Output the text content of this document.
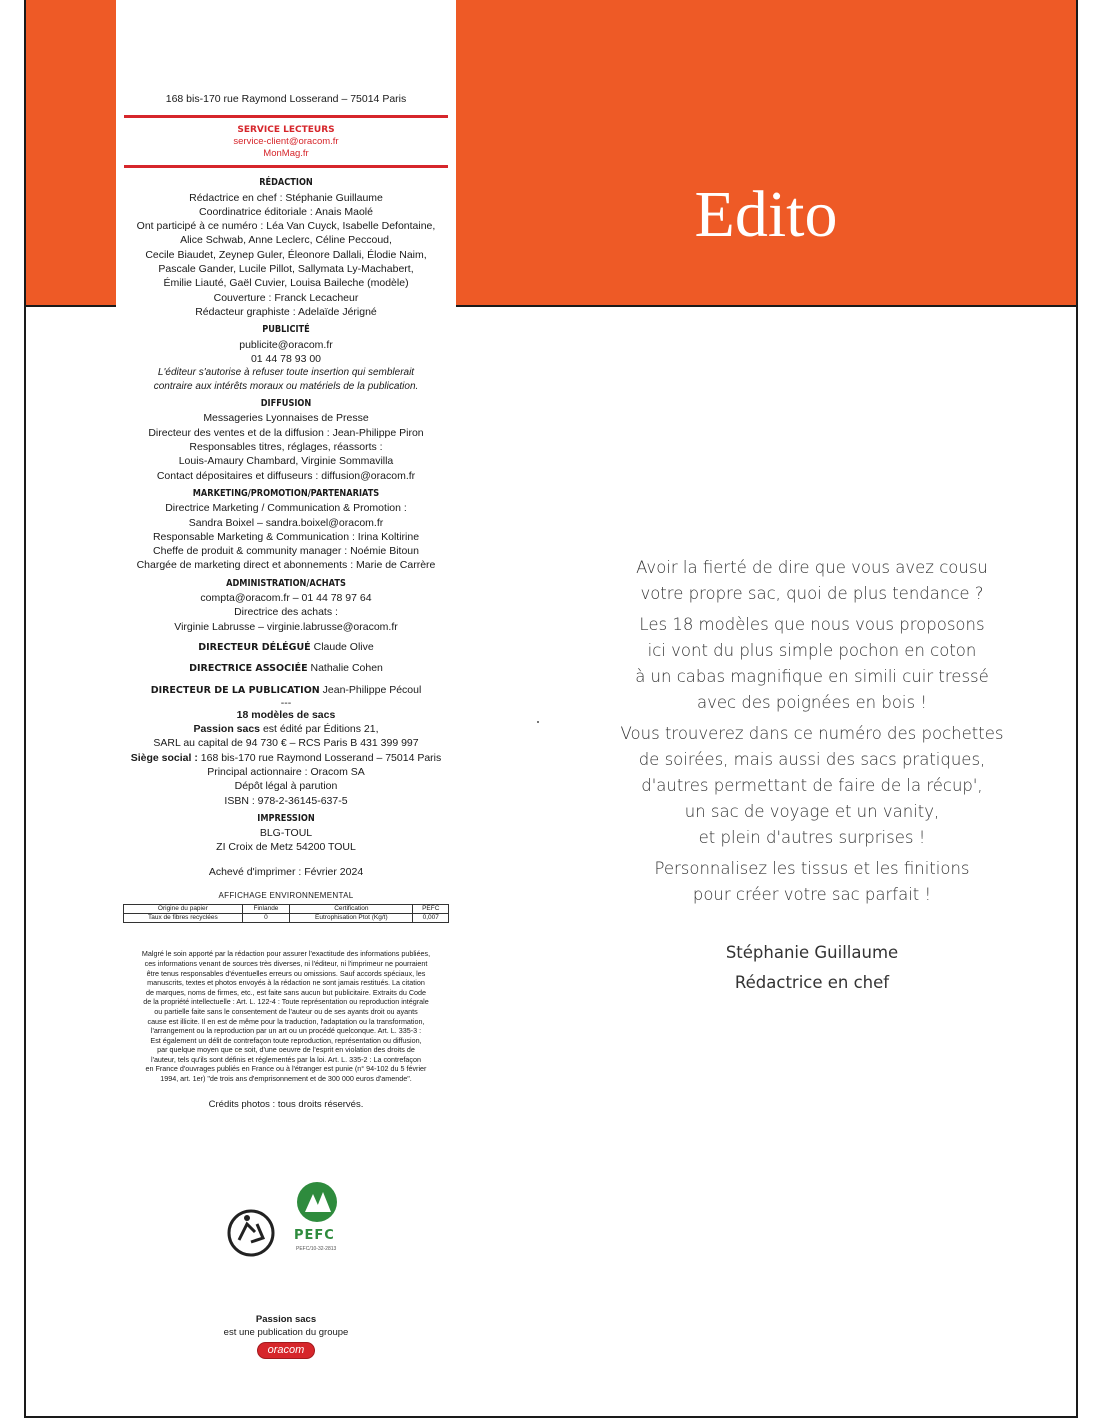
Edito
168 bis-170 rue Raymond Losserand – 75014 Paris
SERVICE LECTEURS
service-client@oracom.fr
MonMag.fr
RÉDACTION
Rédactrice en chef : Stéphanie Guillaume
Coordinatrice éditoriale : Anais Maolé
Ont participé à ce numéro : Léa Van Cuyck, Isabelle Defontaine,
Alice Schwab, Anne Leclerc, Céline Peccoud,
Cecile Biaudet, Zeynep Guler, Éleonore Dallali, Élodie Naim,
Pascale Gander, Lucile Pillot, Sallymata Ly-Machabert,
Émilie Liauté, Gaël Cuvier, Louisa Baileche (modèle)
Couverture : Franck Lecacheur
Rédacteur graphiste : Adelaïde Jérigné
PUBLICITÉ
publicite@oracom.fr
01 44 78 93 00
L'éditeur s'autorise à refuser toute insertion qui semblerait
contraire aux intérêts moraux ou matériels de la publication.
DIFFUSION
Messageries Lyonnaises de Presse
Directeur des ventes et de la diffusion : Jean-Philippe Piron
Responsables titres, réglages, réassorts :
Louis-Amaury Chambard, Virginie Sommavilla
Contact dépositaires et diffuseurs : diffusion@oracom.fr
MARKETING/PROMOTION/PARTENARIATS
Directrice Marketing / Communication & Promotion :
Sandra Boixel – sandra.boixel@oracom.fr
Responsable Marketing & Communication : Irina Koltirine
Cheffe de produit & community manager : Noémie Bitoun
Chargée de marketing direct et abonnements : Marie de Carrère
ADMINISTRATION/ACHATS
compta@oracom.fr – 01 44 78 97 64
Directrice des achats :
Virginie Labrusse – virginie.labrusse@oracom.fr
DIRECTEUR DÉLÉGUÉ Claude Olive
DIRECTRICE ASSOCIÉE Nathalie Cohen
DIRECTEUR DE LA PUBLICATION Jean-Philippe Pécoul
---
18 modèles de sacs
Passion sacs est édité par Éditions 21,
SARL au capital de 94 730 € – RCS Paris B 431 399 997
Siège social : 168 bis-170 rue Raymond Losserand – 75014 Paris
Principal actionnaire : Oracom SA
Dépôt légal à parution
ISBN : 978-2-36145-637-5
IMPRESSION
BLG-TOUL
ZI Croix de Metz 54200 TOUL
Achevé d'imprimer : Février 2024
AFFICHAGE ENVIRONNEMENTAL
Origine du papier	Finlande	Certification	PEFC
Taux de fibres recyclées	0	Eutrophisation Ptot (Kg/t)	0,007
Malgré le soin apporté par la rédaction pour assurer l'exactitude des informations publiées,
ces informations venant de sources très diverses, ni l'éditeur, ni l'imprimeur ne pourraient
être tenus responsables d'éventuelles erreurs ou omissions. Sauf accords spéciaux, les
manuscrits, textes et photos envoyés à la rédaction ne sont jamais restitués. La citation
de marques, noms de firmes, etc., est faite sans aucun but publicitaire. Extraits du Code
de la propriété intellectuelle : Art. L. 122-4 : Toute représentation ou reproduction intégrale
ou partielle faite sans le consentement de l'auteur ou de ses ayants droit ou ayants
cause est illicite. Il en est de même pour la traduction, l'adaptation ou la transformation,
l'arrangement ou la reproduction par un art ou un procédé quelconque. Art. L. 335-3 :
Est également un délit de contrefaçon toute reproduction, représentation ou diffusion,
par quelque moyen que ce soit, d'une oeuvre de l'esprit en violation des droits de
l'auteur, tels qu'ils sont définis et réglementés par la loi. Art. L. 335-2 : La contrefaçon
en France d'ouvrages publiés en France ou à l'étranger est punie (n° 94-102 du 5 février
1994, art. 1er) "de trois ans d'emprisonnement et de 300 000 euros d'amende".
Crédits photos : tous droits réservés.
PEFC
PEFC/10-32-2813
Passion sacs
est une publication du groupe
oracom

Avoir la fierté de dire que vous avez cousu
votre propre sac, quoi de plus tendance ?

Les 18 modèles que nous vous proposons
ici vont du plus simple pochon en coton
à un cabas magnifique en simili cuir tressé
avec des poignées en bois !

Vous trouverez dans ce numéro des pochettes
de soirées, mais aussi des sacs pratiques,
d'autres permettant de faire de la récup',
un sac de voyage et un vanity,
et plein d'autres surprises !

Personnalisez les tissus et les finitions
pour créer votre sac parfait !

Stéphanie Guillaume
Rédactrice en chef
